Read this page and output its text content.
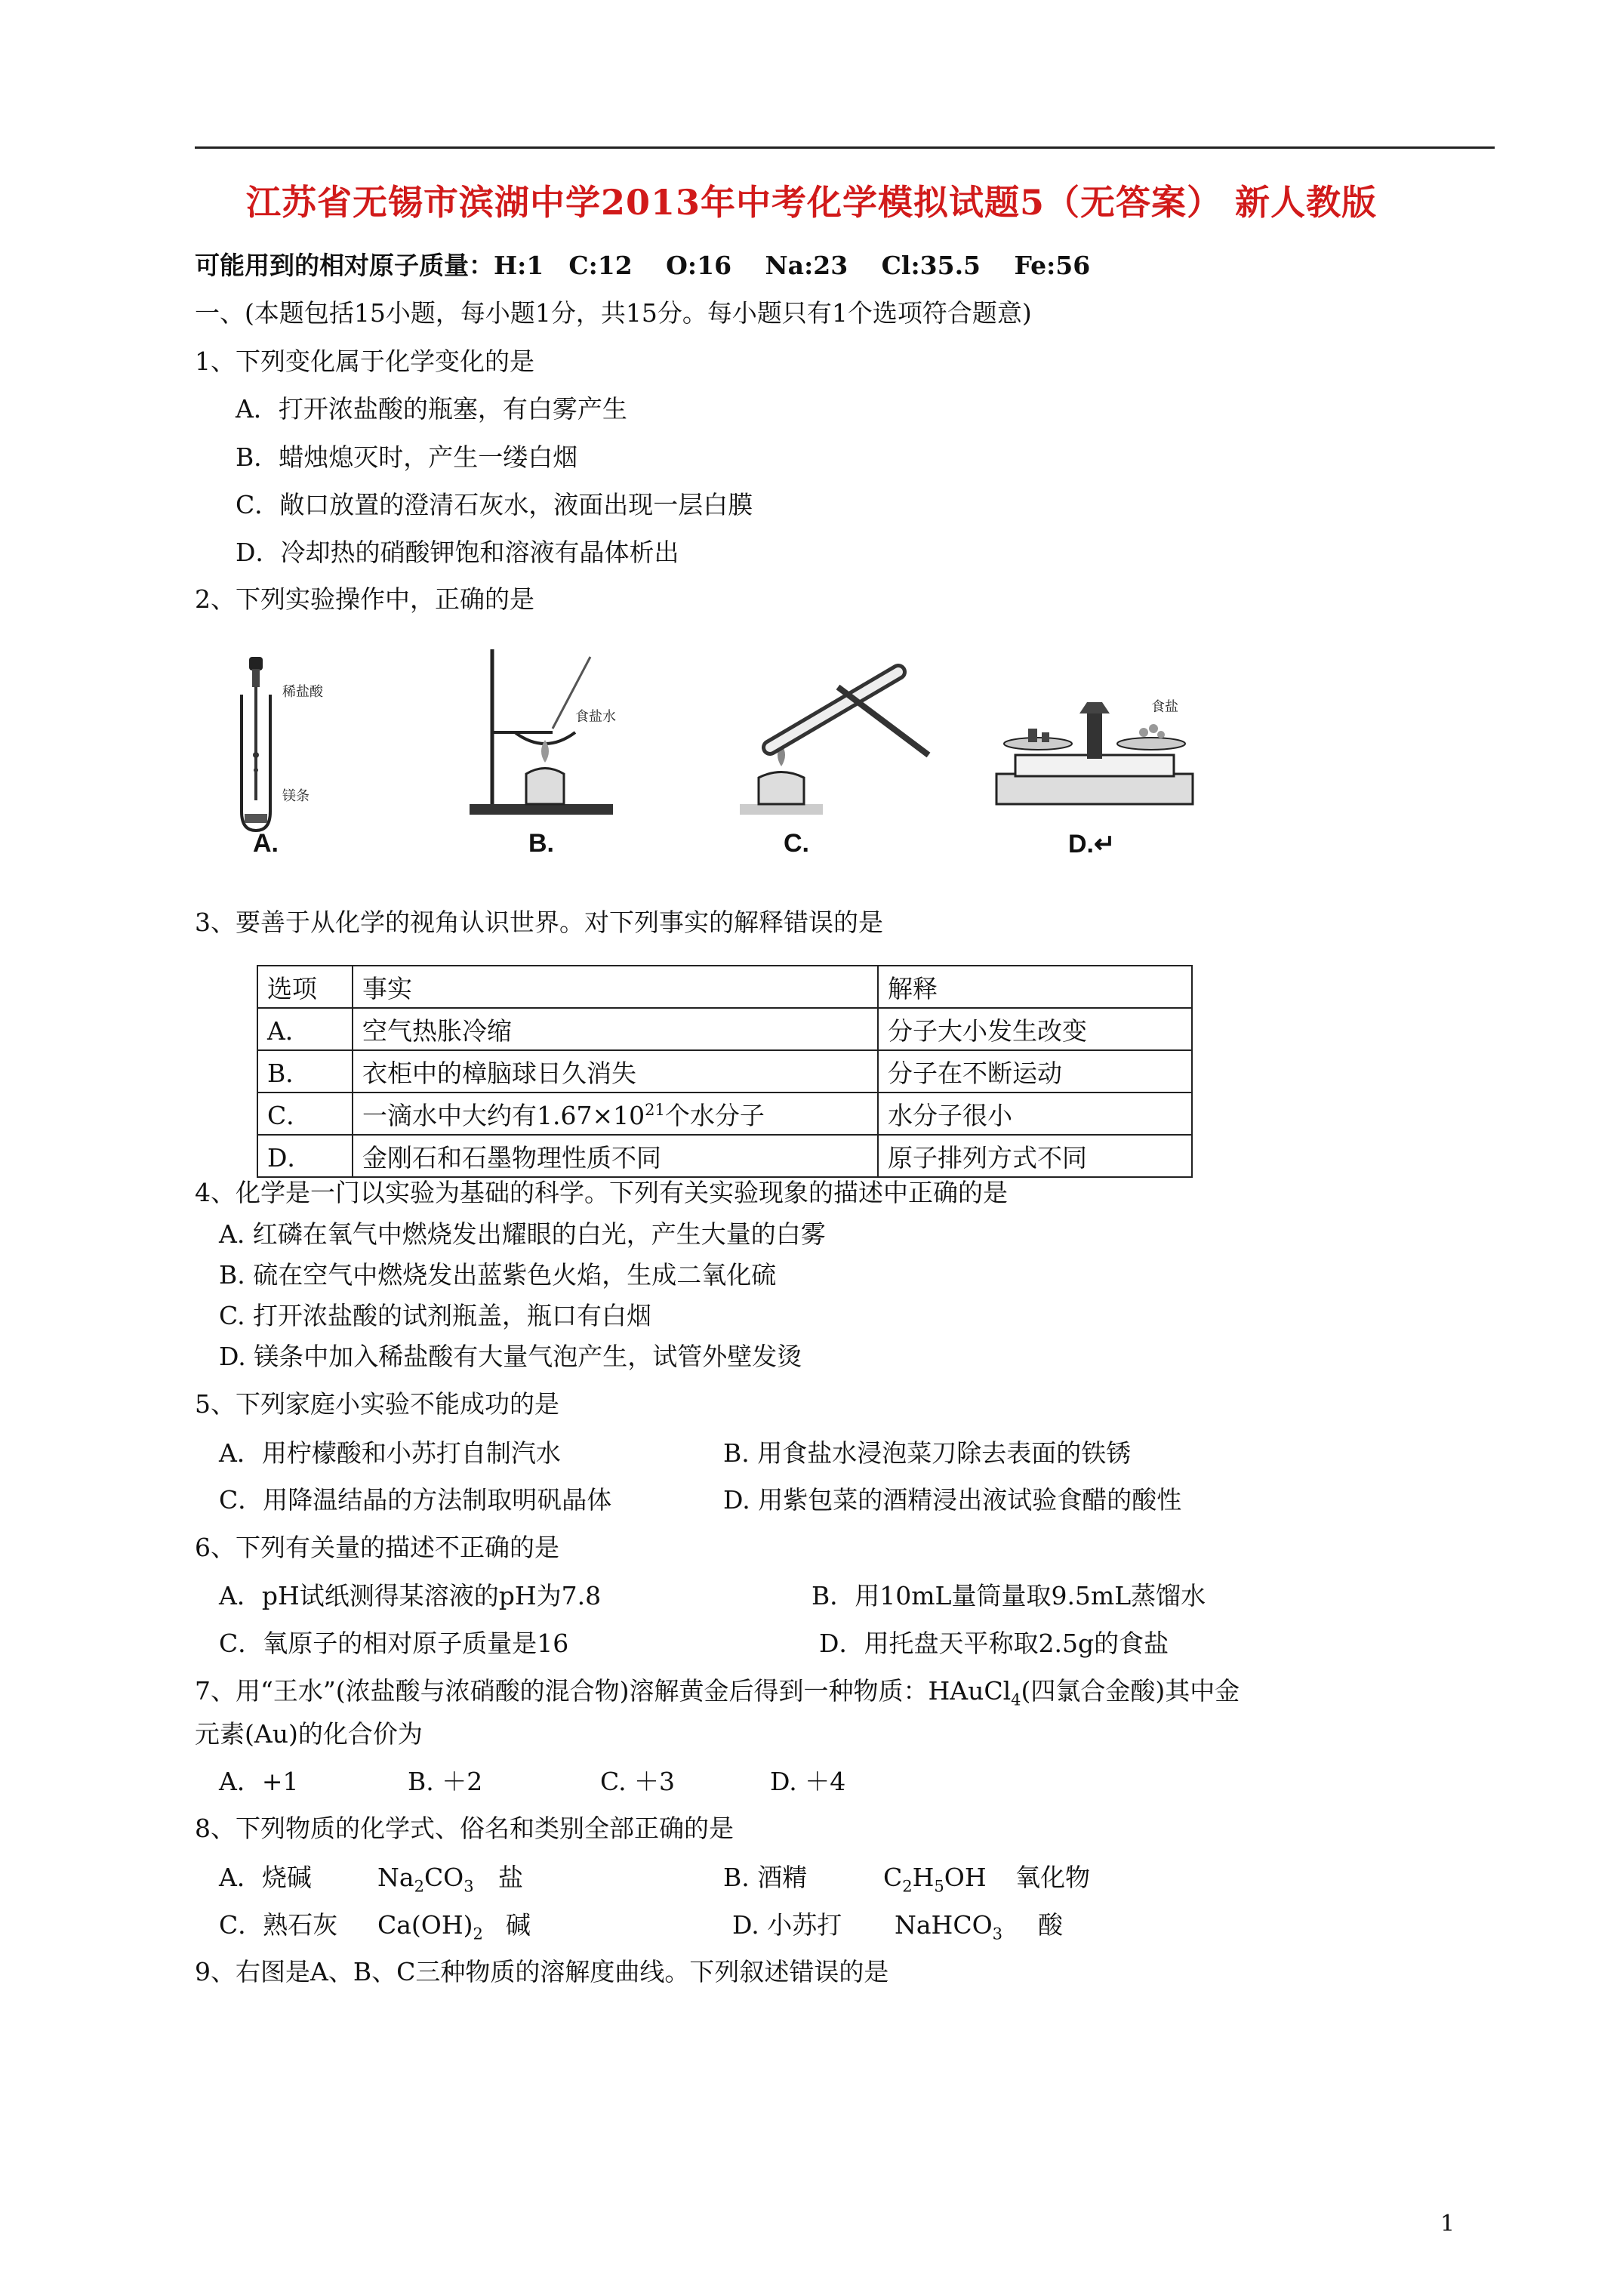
江苏省无锡市滨湖中学2013年中考化学模拟试题5（无答案） 新人教版
可能用到的相对原子质量：H:1　C:12　 O:16　 Na:23　 Cl:35.5　 Fe:56
一、(本题包括15小题，每小题1分，共15分。每小题只有1个选项符合题意)
1、下列变化属于化学变化的是
A．打开浓盐酸的瓶塞，有白雾产生
B．蜡烛熄灭时，产生一缕白烟
C．敞口放置的澄清石灰水，液面出现一层白膜
D．冷却热的硝酸钾饱和溶液有晶体析出
2、下列实验操作中，正确的是
稀盐酸
镁条
A.
食盐水
B.	C.
食盐
D.↵
3、要善于从化学的视角认识世界。对下列事实的解释错误的是
选项	事实	解释
A．	空气热胀冷缩	分子大小发生改变
B．	衣柜中的樟脑球日久消失	分子在不断运动
C．	一滴水中大约有$1.67\times 10^{21}$个水分子	水分子很小
D．	金刚石和石墨物理性质不同	原子排列方式不同
4、化学是一门以实验为基础的科学。下列有关实验现象的描述中正确的是
A. 红磷在氧气中燃烧发出耀眼的白光，产生大量的白雾
B. 硫在空气中燃烧发出蓝紫色火焰，生成二氧化硫
C. 打开浓盐酸的试剂瓶盖，瓶口有白烟
D. 镁条中加入稀盐酸有大量气泡产生，试管外壁发烫
5、下列家庭小实验不能成功的是
A．用柠檬酸和小苏打自制汽水	B. 用食盐水浸泡菜刀除去表面的铁锈
C．用降温结晶的方法制取明矾晶体	D. 用紫包菜的酒精浸出液试验食醋的酸性
6、下列有关量的描述不正确的是
A．pH试纸测得某溶液的pH为7.8	B．用10mL量筒量取9.5mL蒸馏水
C．氧原子的相对原子质量是16	D．用托盘天平称取2.5g的食盐
7、用“王水”(浓盐酸与浓硝酸的混合物)溶解黄金后得到一种物质：HAuCl$_4$(四氯合金酸)其中金
元素(Au)的化合价为
A．+1	B. ＋2	C. ＋3	D. ＋4
8、下列物质的化学式、俗名和类别全部正确的是
A．烧碱	$Na_2CO_3$ 盐	B. 酒精	$C_2H_5OH$ 氧化物
C．熟石灰 $Ca(OH)_2$ 碱	D. 小苏打 NaHCO$_3$ 酸
9、右图是A、B、C三种物质的溶解度曲线。下列叙述错误的是
1
